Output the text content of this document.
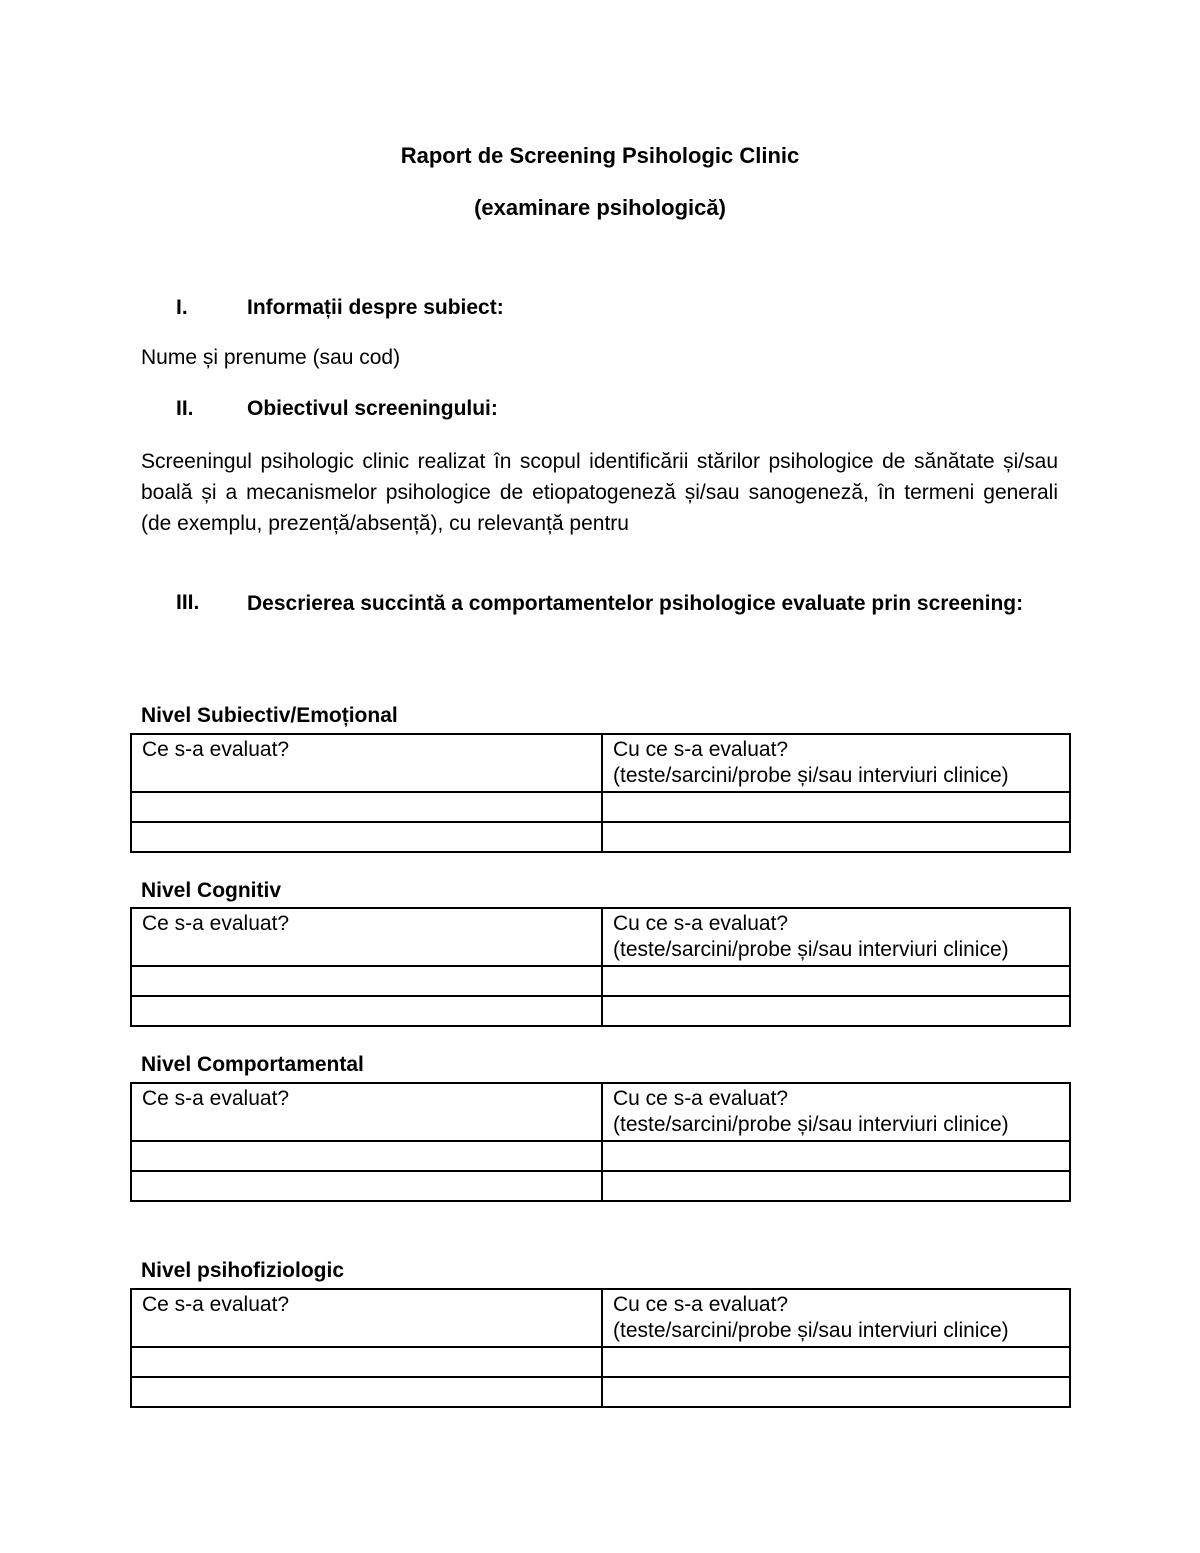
Raport de Screening Psihologic Clinic
(examinare psihologică)
I.	Informații despre subiect:
Nume și prenume (sau cod)
II.	Obiectivul screeningului:
Screeningul psihologic clinic realizat în scopul identificării stărilor psihologice de sănătate și/sau boală și a mecanismelor psihologice de etiopatogeneză și/sau sanogeneză, în termeni generali (de exemplu, prezență/absență), cu relevanță pentru
III. Descrierea succintă a comportamentelor psihologice evaluate prin screening:
Nivel Subiectiv/Emoțional
Ce s-a evaluat?	Cu ce s-a evaluat?
(teste/sarcini/probe și/sau interviuri clinice)

Nivel Cognitiv
Ce s-a evaluat?	Cu ce s-a evaluat?
(teste/sarcini/probe și/sau interviuri clinice)

Nivel Comportamental
Ce s-a evaluat?	Cu ce s-a evaluat?
(teste/sarcini/probe și/sau interviuri clinice)

Nivel psihofiziologic
Ce s-a evaluat?	Cu ce s-a evaluat?
(teste/sarcini/probe și/sau interviuri clinice)
